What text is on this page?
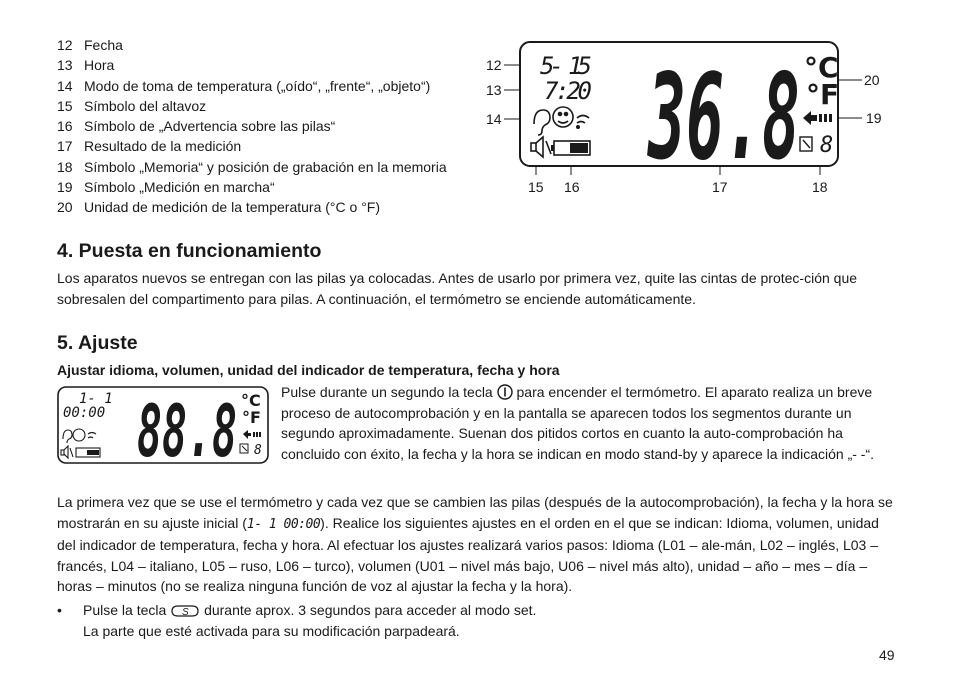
12 Fecha
13 Hora
14 Modo de toma de temperatura („oído“, „frente“, „objeto“)
15 Símbolo del altavoz
16 Símbolo de „Advertencia sobre las pilas“
17 Resultado de la medición
18 Símbolo „Memoria“ y posición de grabación en la memoria
19 Símbolo „Medición en marcha“
20 Unidad de medición de la temperatura (°C o °F)
12
13
14
15 16	17	18
19
20
5- 15
7:20 36.8 °C
°F
8
4. Puesta en funcionamiento
Los aparatos nuevos se entregan con las pilas ya colocadas. Antes de usarlo por primera vez, quite las cintas de protec-ción que sobresalen del compartimento para pilas. A continuación, el termómetro se enciende automáticamente.
5. Ajuste
Ajustar idioma, volumen, unidad del indicador de temperatura, fecha y hora
1- 1
00:00 88.8 °C
°F
8
Pulse durante un segundo la tecla para encender el termómetro. El aparato realiza un breve proceso de autocomprobación y en la pantalla se aparecen todos los segmentos durante un segundo aproximadamente. Suenan dos pitidos cortos en cuanto la auto-comprobación ha concluido con éxito, la fecha y la hora se indican en modo stand-by y aparece la indicación „- -“.
La primera vez que se use el termómetro y cada vez que se cambien las pilas (después de la autocomprobación), la fecha y la hora se mostrarán en su ajuste inicial (1- 1 00:00). Realice los siguientes ajustes en el orden en el que se indican: Idioma, volumen, unidad del indicador de temperatura, fecha y hora. Al efectuar los ajustes realizará varios pasos: Idioma (L01 – ale-mán, L02 – inglés, L03 – francés, L04 – italiano, L05 – ruso, L06 – turco), volumen (U01 – nivel más bajo, U06 – nivel más alto), unidad – año – mes – día – horas – minutos (no se realiza ninguna función de voz al ajustar la fecha y la hora).
• Pulse la tecla S durante aprox. 3 segundos para acceder al modo set.
La parte que esté activada para su modificación parpadeará.
49
